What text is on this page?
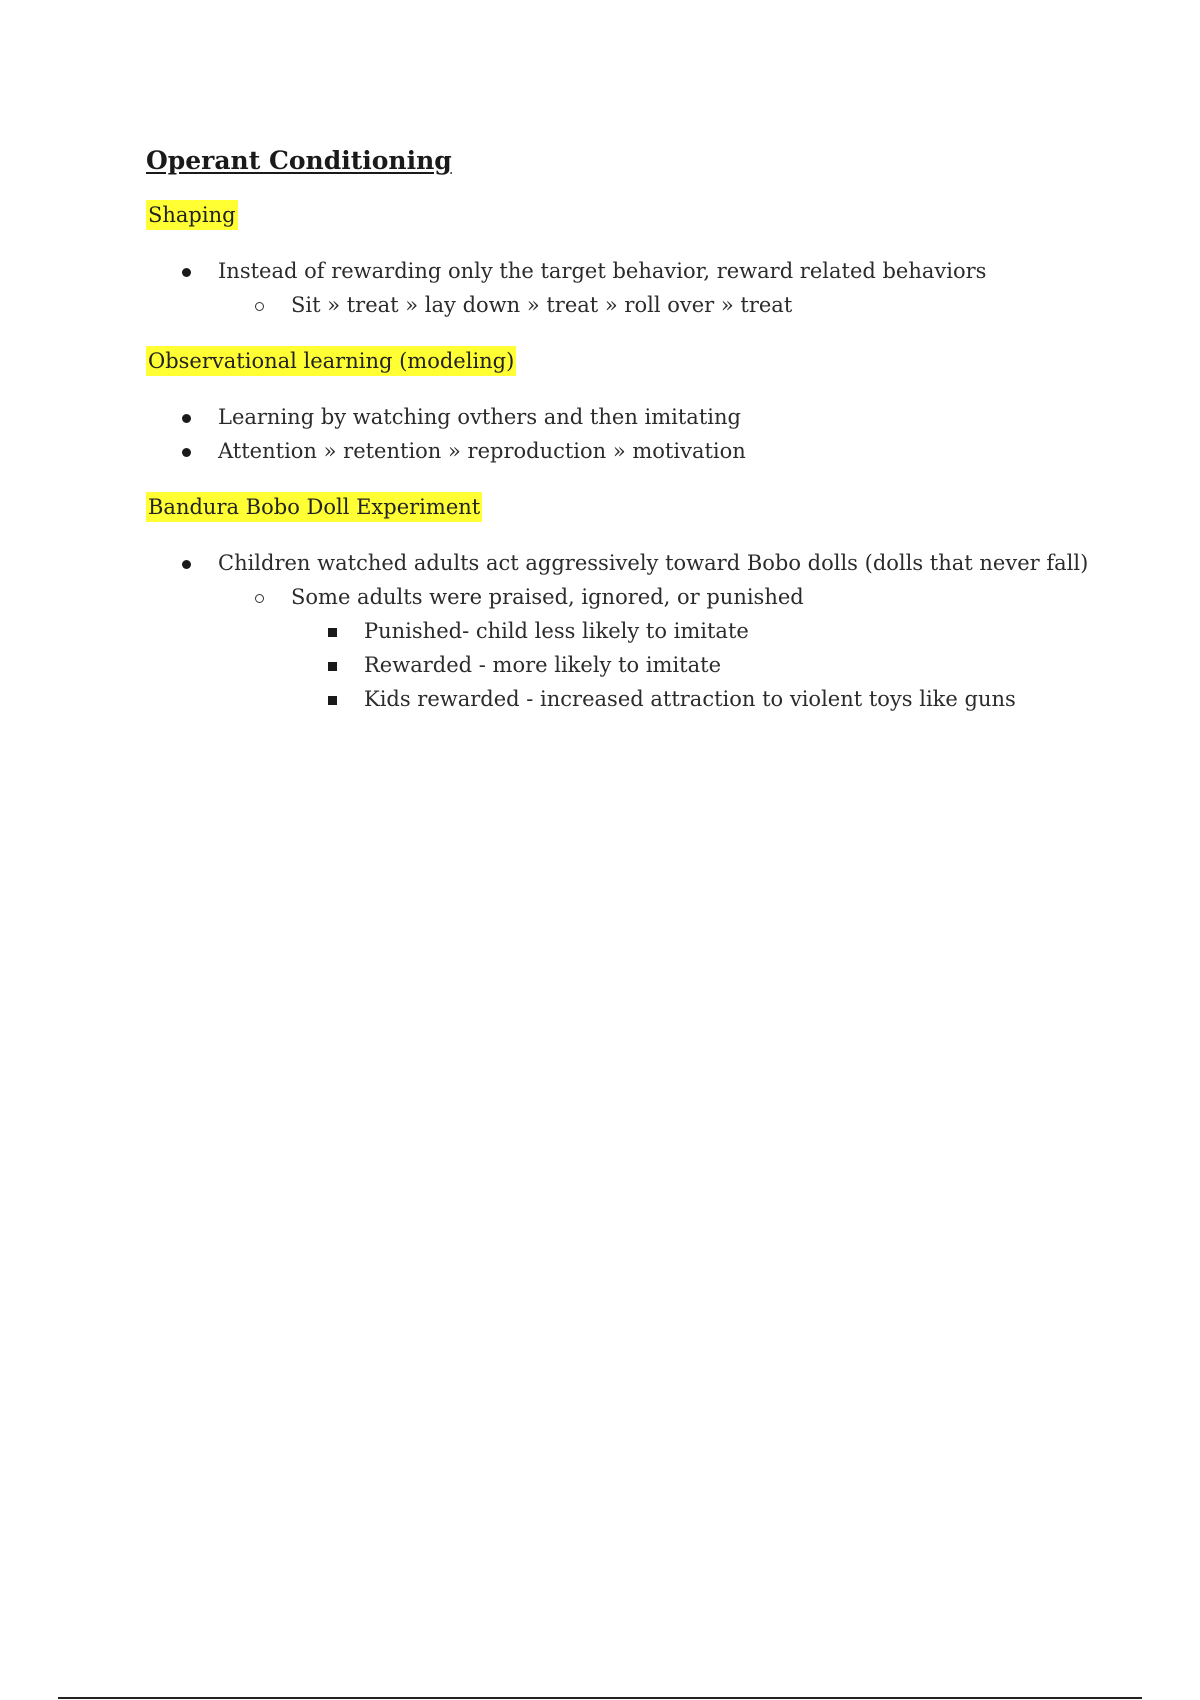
Operant Conditioning
Shaping
Instead of rewarding only the target behavior, reward related behaviors
Sit » treat » lay down » treat » roll over » treat
Observational learning (modeling)
Learning by watching ovthers and then imitating
Attention » retention » reproduction » motivation
Bandura Bobo Doll Experiment
Children watched adults act aggressively toward Bobo dolls (dolls that never fall)
Some adults were praised, ignored, or punished
Punished- child less likely to imitate
Rewarded - more likely to imitate
Kids rewarded - increased attraction to violent toys like guns
